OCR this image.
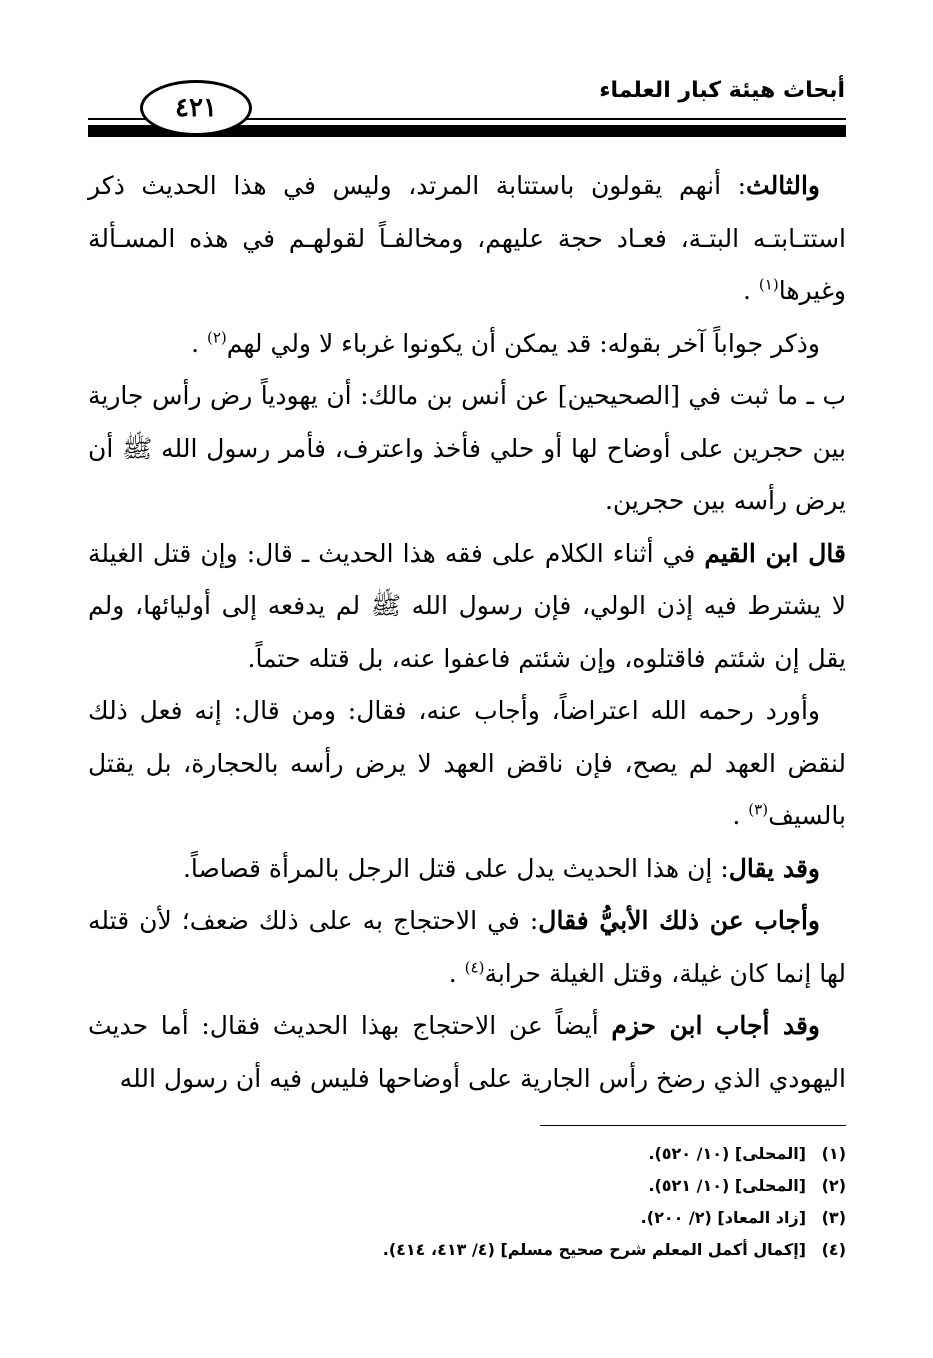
أبحاث هيئة كبار العلماء
٤٢١

والثالث: أنهم يقولون باستتابة المرتد، وليس في هذا الحديث ذكر استتـابتـه البتـة، فعـاد حجة عليهم، ومخالفـاً لقولهـم في هذه المسـألة وغيرها$^{(١)}$ .

وذكر جواباً آخر بقوله: قد يمكن أن يكونوا غرباء لا ولي لهم$^{(٢)}$ .

ب ـ ما ثبت في [الصحيحين] عن أنس بن مالك: أن يهودياً رض رأس جارية بين حجرين على أوضاح لها أو حلي فأخذ واعترف، فأمر رسول الله ﷺ أن يرض رأسه بين حجرين.

قال ابن القيم في أثناء الكلام على فقه هذا الحديث ـ قال: وإن قتل الغيلة لا يشترط فيه إذن الولي، فإن رسول الله ﷺ لم يدفعه إلى أوليائها، ولم يقل إن شئتم فاقتلوه، وإن شئتم فاعفوا عنه، بل قتله حتماً.

وأورد رحمه الله اعتراضاً، وأجاب عنه، فقال: ومن قال: إنه فعل ذلك لنقض العهد لم يصح، فإن ناقض العهد لا يرض رأسه بالحجارة، بل يقتل بالسيف$^{(٣)}$ .

وقد يقال: إن هذا الحديث يدل على قتل الرجل بالمرأة قصاصاً.

وأجاب عن ذلك الأبيُّ فقال: في الاحتجاج به على ذلك ضعف؛ لأن قتله لها إنما كان غيلة، وقتل الغيلة حرابة$^{(٤)}$ .

وقد أجاب ابن حزم أيضاً عن الاحتجاج بهذا الحديث فقال: أما حديث اليهودي الذي رضخ رأس الجارية على أوضاحها فليس فيه أن رسول الله

(١)[المحلى] (١٠/ ٥٢٠).
(٢)[المحلى] (١٠/ ٥٢١).
(٣)[زاد المعاد] (٢/ ٢٠٠).
(٤)[إكمال أكمل المعلم شرح صحيح مسلم] (٤/ ٤١٣، ٤١٤).
